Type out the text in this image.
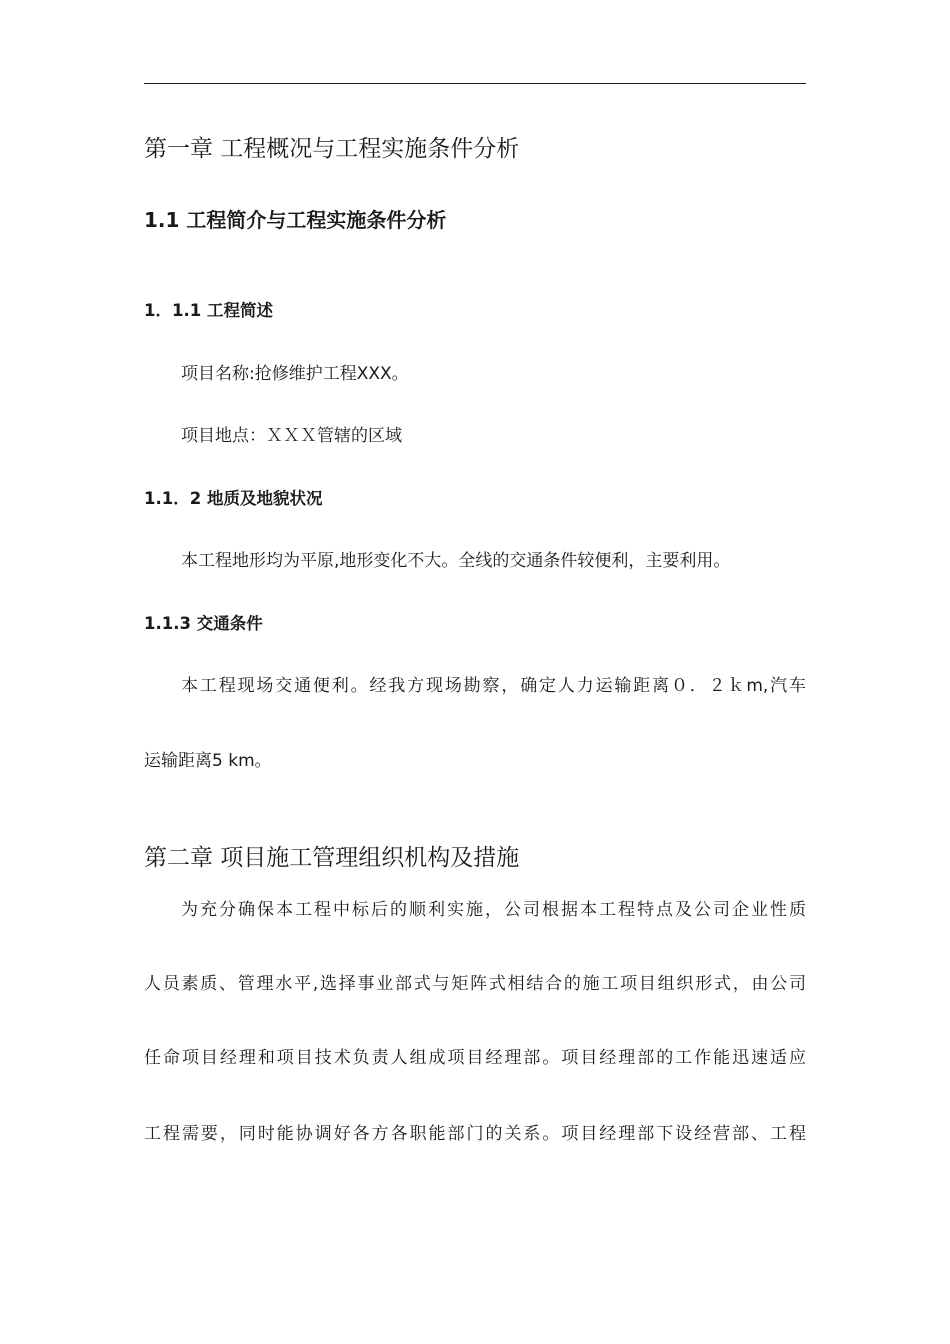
第一章 工程概况与工程实施条件分析
1.1 工程简介与工程实施条件分析
1．1.1 工程简述

项目名称:抢修维护工程XXX。

项目地点：ＸＸＸ管辖的区域

1.1．2 地质及地貌状况

本工程地形均为平原,地形变化不大。全线的交通条件较便利，主要利用。

1.1.3 交通条件

本工程现场交通便利。经我方现场勘察，确定人力运输距离０．２ｋm,汽车

运输距离5 km。

第二章 项目施工管理组织机构及措施

为充分确保本工程中标后的顺利实施，公司根据本工程特点及公司企业性质

人员素质、管理水平,选择事业部式与矩阵式相结合的施工项目组织形式，由公司

任命项目经理和项目技术负责人组成项目经理部。项目经理部的工作能迅速适应

工程需要，同时能协调好各方各职能部门的关系。项目经理部下设经营部、工程
